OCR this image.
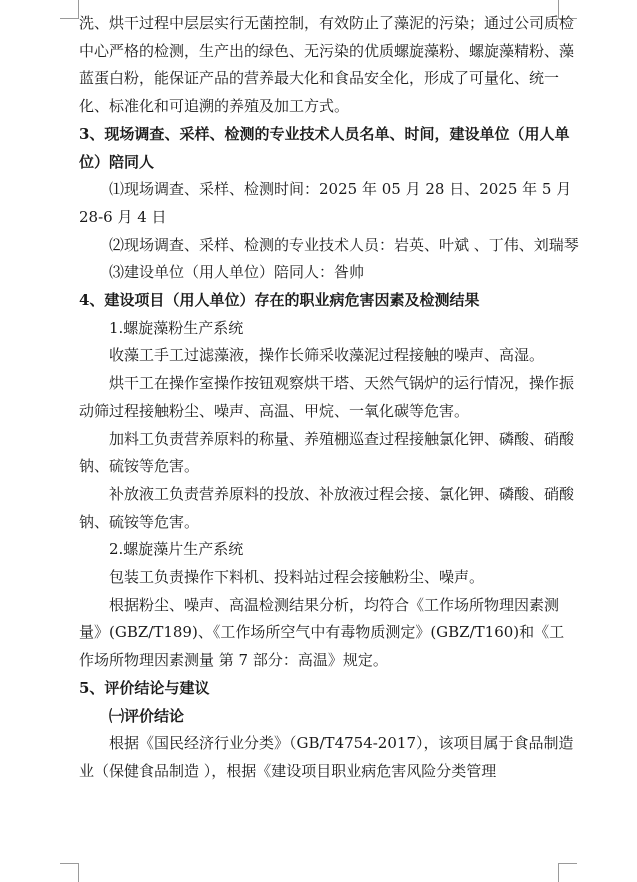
洗、烘干过程中层层实行无菌控制，有效防止了藻泥的污染；通过公司质检中心严格的检测，生产出的绿色、无污染的优质螺旋藻粉、螺旋藻精粉、藻蓝蛋白粉，能保证产品的营养最大化和食品安全化，形成了可量化、统一化、标准化和可追溯的养殖及加工方式。

3、现场调查、采样、检测的专业技术人员名单、时间，建设单位（用人单位）陪同人

⑴现场调查、采样、检测时间：2025 年 05 月 28 日、2025 年 5 月 28-6 月 4 日

⑵现场调查、采样、检测的专业技术人员：岩英、叶斌 、丁伟、刘瑞琴

⑶建设单位（用人单位）陪同人：昝帅

4、建设项目（用人单位）存在的职业病危害因素及检测结果

1.螺旋藻粉生产系统

收藻工手工过滤藻液，操作长筛采收藻泥过程接触的噪声、高湿。

烘干工在操作室操作按钮观察烘干塔、天然气锅炉的运行情况，操作振动筛过程接触粉尘、噪声、高温、甲烷、一氧化碳等危害。

加料工负责营养原料的称量、养殖棚巡查过程接触氯化钾、磷酸、硝酸钠、硫铵等危害。

补放液工负责营养原料的投放、补放液过程会接、氯化钾、磷酸、硝酸钠、硫铵等危害。

2.螺旋藻片生产系统

包装工负责操作下料机、投料站过程会接触粉尘、噪声。

根据粉尘、噪声、高温检测结果分析，均符合《工作场所物理因素测量》(GBZ/T189)、《工作场所空气中有毒物质测定》(GBZ/T160)和《工作场所物理因素测量 第 7 部分：高温》规定。

5、评价结论与建议

㈠评价结论

根据《国民经济行业分类》（GB/T4754-2017），该项目属于食品制造业（保健食品制造 ），根据《建设项目职业病危害风险分类管理
